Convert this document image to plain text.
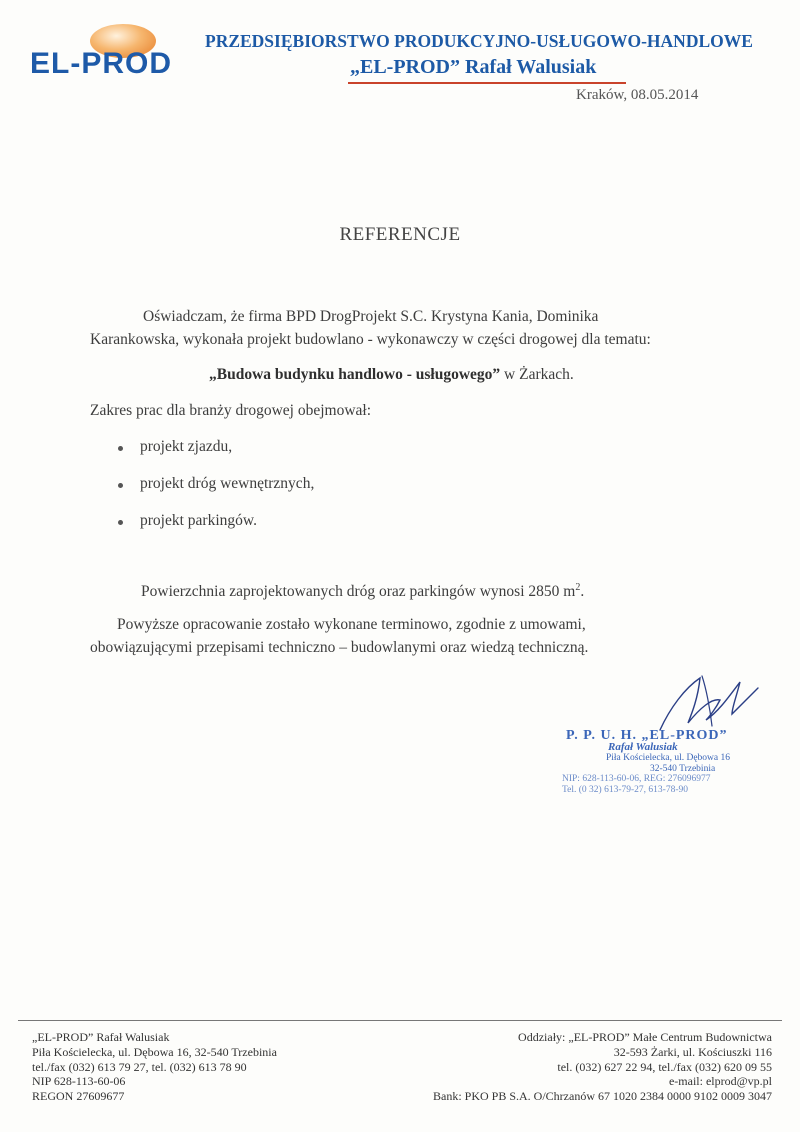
EL-PROD
PRZEDSIĘBIORSTWO PRODUKCYJNO-USŁUGOWO-HANDLOWE
„EL-PROD” Rafał Walusiak
Kraków, 08.05.2014
REFERENCJE
Oświadczam, że firma BPD DrogProjekt S.C. Krystyna Kania, Dominika
Karankowska, wykonała projekt budowlano - wykonawczy w części drogowej dla tematu:
„Budowa budynku handlowo - usługowego” w Żarkach.
Zakres prac dla branży drogowej obejmował:
projekt zjazdu,
projekt dróg wewnętrznych,
projekt parkingów.
Powierzchnia zaprojektowanych dróg oraz parkingów wynosi 2850 $m^2$.
Powyższe opracowanie zostało wykonane terminowo, zgodnie z umowami,
obowiązującymi przepisami techniczno – budowlanymi oraz wiedzą techniczną.
P. P. U. H. „EL-PROD”
Rafał Walusiak
Piła Kościelecka, ul. Dębowa 16
32-540 Trzebinia
NIP: 628-113-60-06, REG: 276096977
Tel. (0 32) 613-79-27, 613-78-90
„EL-PROD” Rafał Walusiak
Piła Kościelecka, ul. Dębowa 16, 32-540 Trzebinia
tel./fax (032) 613 79 27, tel. (032) 613 78 90
NIP 628-113-60-06
REGON 27609677
Oddziały: „EL-PROD” Małe Centrum Budownictwa
32-593 Żarki, ul. Kościuszki 116
tel. (032) 627 22 94, tel./fax (032) 620 09 55
e-mail: elprod@vp.pl
Bank: PKO PB S.A. O/Chrzanów 67 1020 2384 0000 9102 0009 3047
